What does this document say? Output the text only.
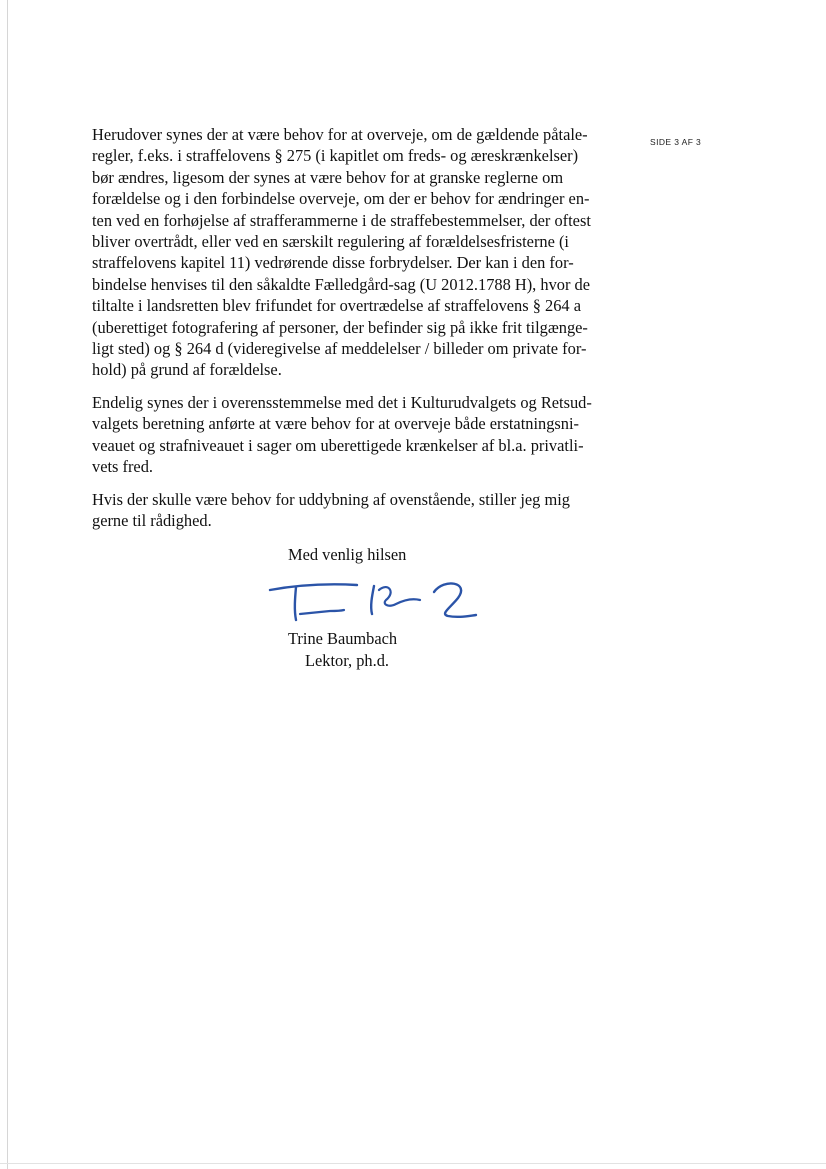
SIDE 3 AF 3

Herudover synes der at være behov for at overveje, om de gældende påtale-
regler, f.eks. i straffelovens § 275 (i kapitlet om freds- og æreskrænkelser)
bør ændres, ligesom der synes at være behov for at granske reglerne om
forældelse og i den forbindelse overveje, om der er behov for ændringer en-
ten ved en forhøjelse af strafferammerne i de straffebestemmelser, der oftest
bliver overtrådt, eller ved en særskilt regulering af forældelsesfristerne (i
straffelovens kapitel 11) vedrørende disse forbrydelser. Der kan i den for-
bindelse henvises til den såkaldte Fælledgård-sag (U 2012.1788 H), hvor de
tiltalte i landsretten blev frifundet for overtrædelse af straffelovens § 264 a
(uberettiget fotografering af personer, der befinder sig på ikke frit tilgænge-
ligt sted) og § 264 d (videregivelse af meddelelser / billeder om private for-
hold) på grund af forældelse.

Endelig synes der i overensstemmelse med det i Kulturudvalgets og Retsud-
valgets beretning anførte at være behov for at overveje både erstatningsni-
veauet og strafniveauet i sager om uberettigede krænkelser af bl.a. privatli-
vets fred.

Hvis der skulle være behov for uddybning af ovenstående, stiller jeg mig
gerne til rådighed.

Med venlig hilsen
Trine Baumbach
Lektor, ph.d.
